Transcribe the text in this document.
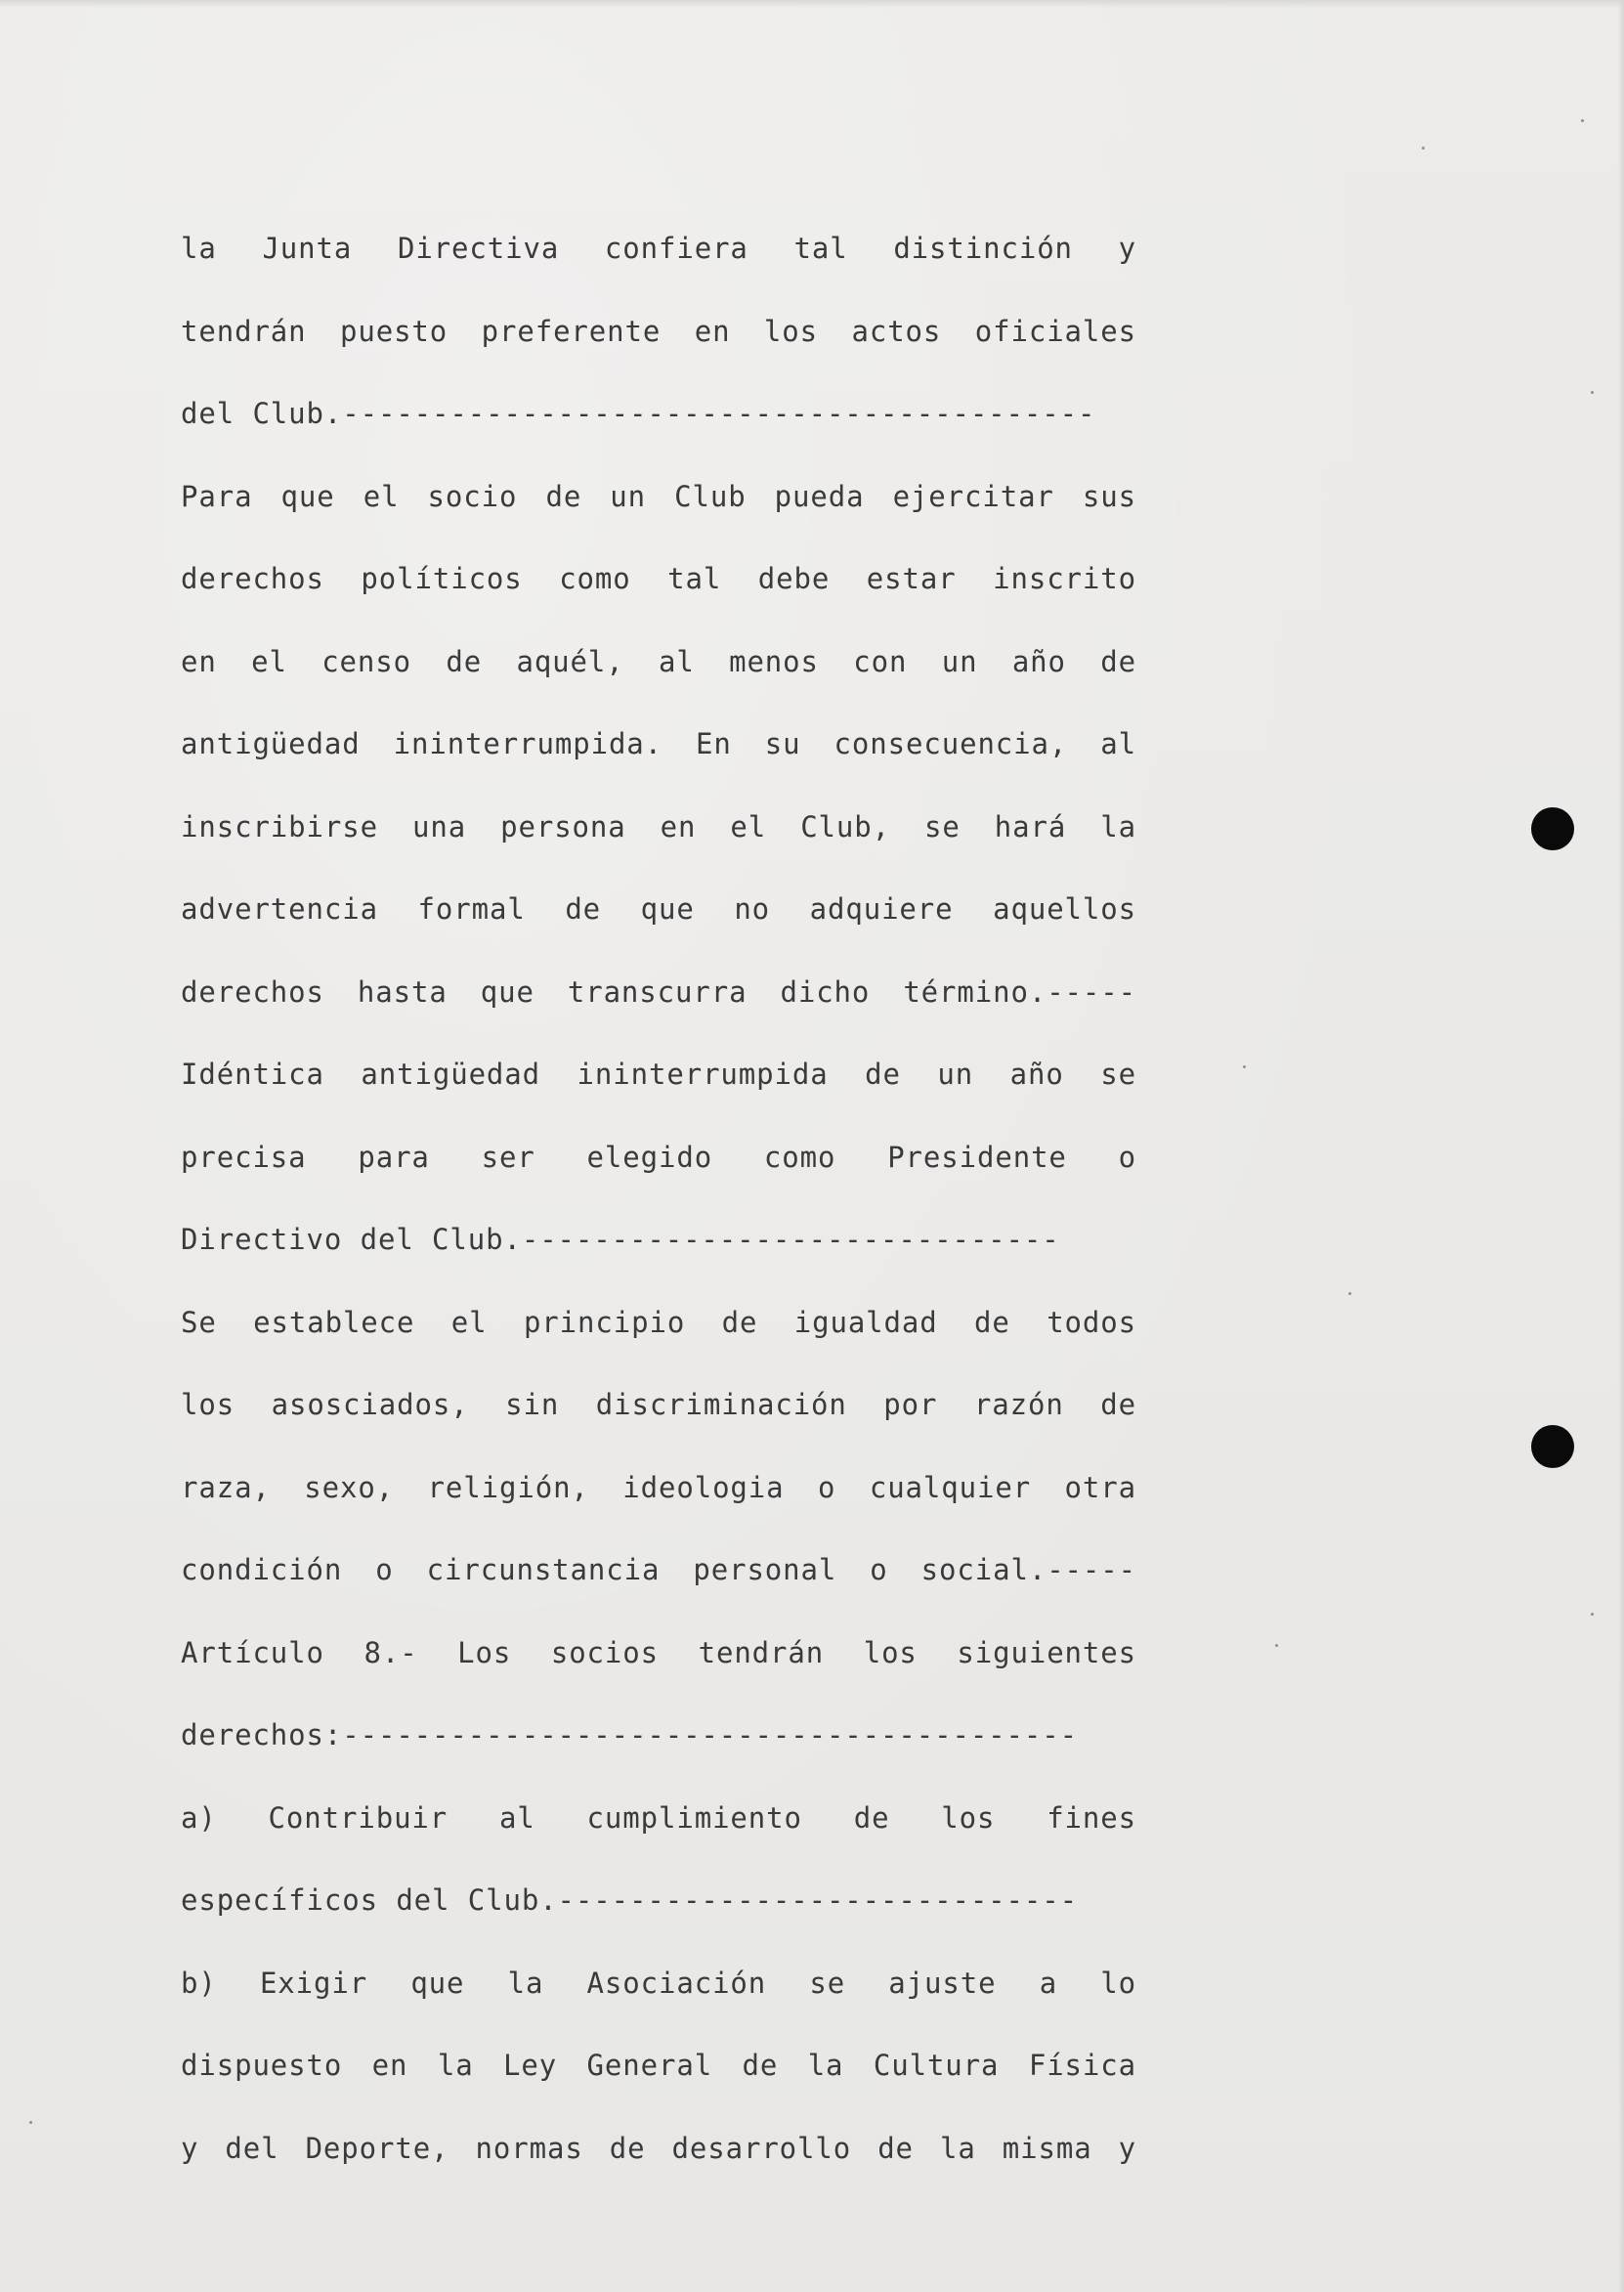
la Junta Directiva confiera tal distinción y
tendrán puesto preferente en los actos oficiales
del Club.------------------------------------------
Para que el socio de un Club pueda ejercitar sus
derechos políticos como tal debe estar inscrito
en el censo de aquél, al menos con un año de
antigüedad ininterrumpida. En su consecuencia, al
inscribirse una persona en el Club, se hará la
advertencia formal de que no adquiere aquellos
derechos hasta que transcurra dicho término.-----
Idéntica antigüedad ininterrumpida de un año se
precisa para ser elegido como Presidente o
Directivo del Club.------------------------------
Se establece el principio de igualdad de todos
los asosciados, sin discriminación por razón de
raza, sexo, religión, ideologia o cualquier otra
condición o circunstancia personal o social.-----
Artículo 8.- Los socios tendrán los siguientes
derechos:-----------------------------------------
a) Contribuir al cumplimiento de los fines
específicos del Club.-----------------------------
b) Exigir que la Asociación se ajuste a lo
dispuesto en la Ley General de la Cultura Física
y del Deporte, normas de desarrollo de la misma y
